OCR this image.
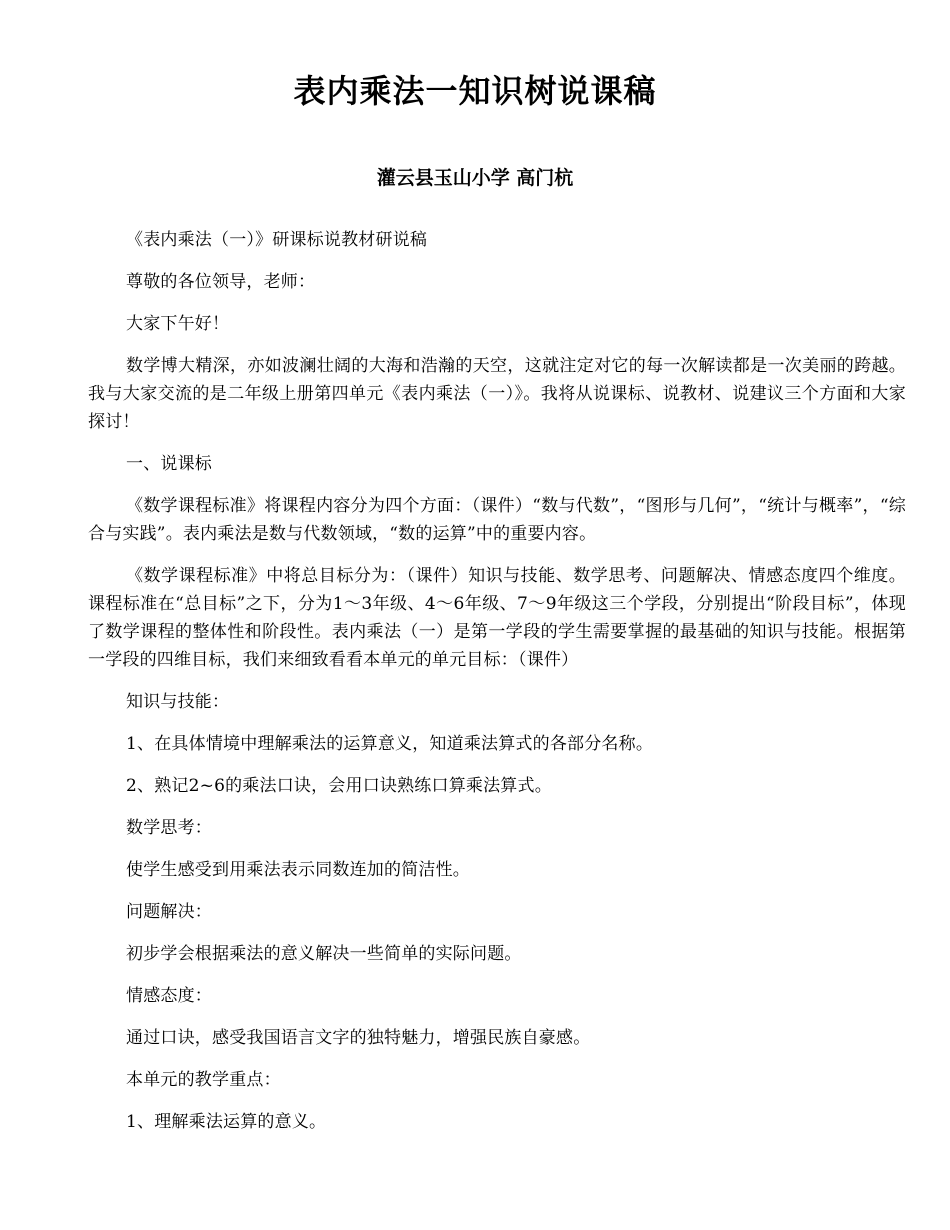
表内乘法一知识树说课稿
灌云县玉山小学 高门杭

《表内乘法（一）》研课标说教材研说稿

尊敬的各位领导，老师：

大家下午好！

数学博大精深，亦如波澜壮阔的大海和浩瀚的天空，这就注定对它的每一次解读都是一次美丽的跨越。我与大家交流的是二年级上册第四单元《表内乘法（一）》。我将从说课标、说教材、说建议三个方面和大家探讨！

一、说课标

《数学课程标准》将课程内容分为四个方面：（课件）“数与代数”，“图形与几何”，“统计与概率”，“综合与实践”。表内乘法是数与代数领域，“数的运算”中的重要内容。

《数学课程标准》中将总目标分为：（课件）知识与技能、数学思考、问题解决、情感态度四个维度。课程标准在“总目标”之下，分为1～3年级、4～6年级、7～9年级这三个学段，分别提出“阶段目标”，体现了数学课程的整体性和阶段性。表内乘法（一）是第一学段的学生需要掌握的最基础的知识与技能。根据第一学段的四维目标，我们来细致看看本单元的单元目标：（课件）

知识与技能：

1、在具体情境中理解乘法的运算意义，知道乘法算式的各部分名称。

2、熟记2~6的乘法口诀，会用口诀熟练口算乘法算式。

数学思考：

使学生感受到用乘法表示同数连加的简洁性。

问题解决：

初步学会根据乘法的意义解决一些简单的实际问题。

情感态度：

通过口诀，感受我国语言文字的独特魅力，增强民族自豪感。

本单元的教学重点：

1、理解乘法运算的意义。
